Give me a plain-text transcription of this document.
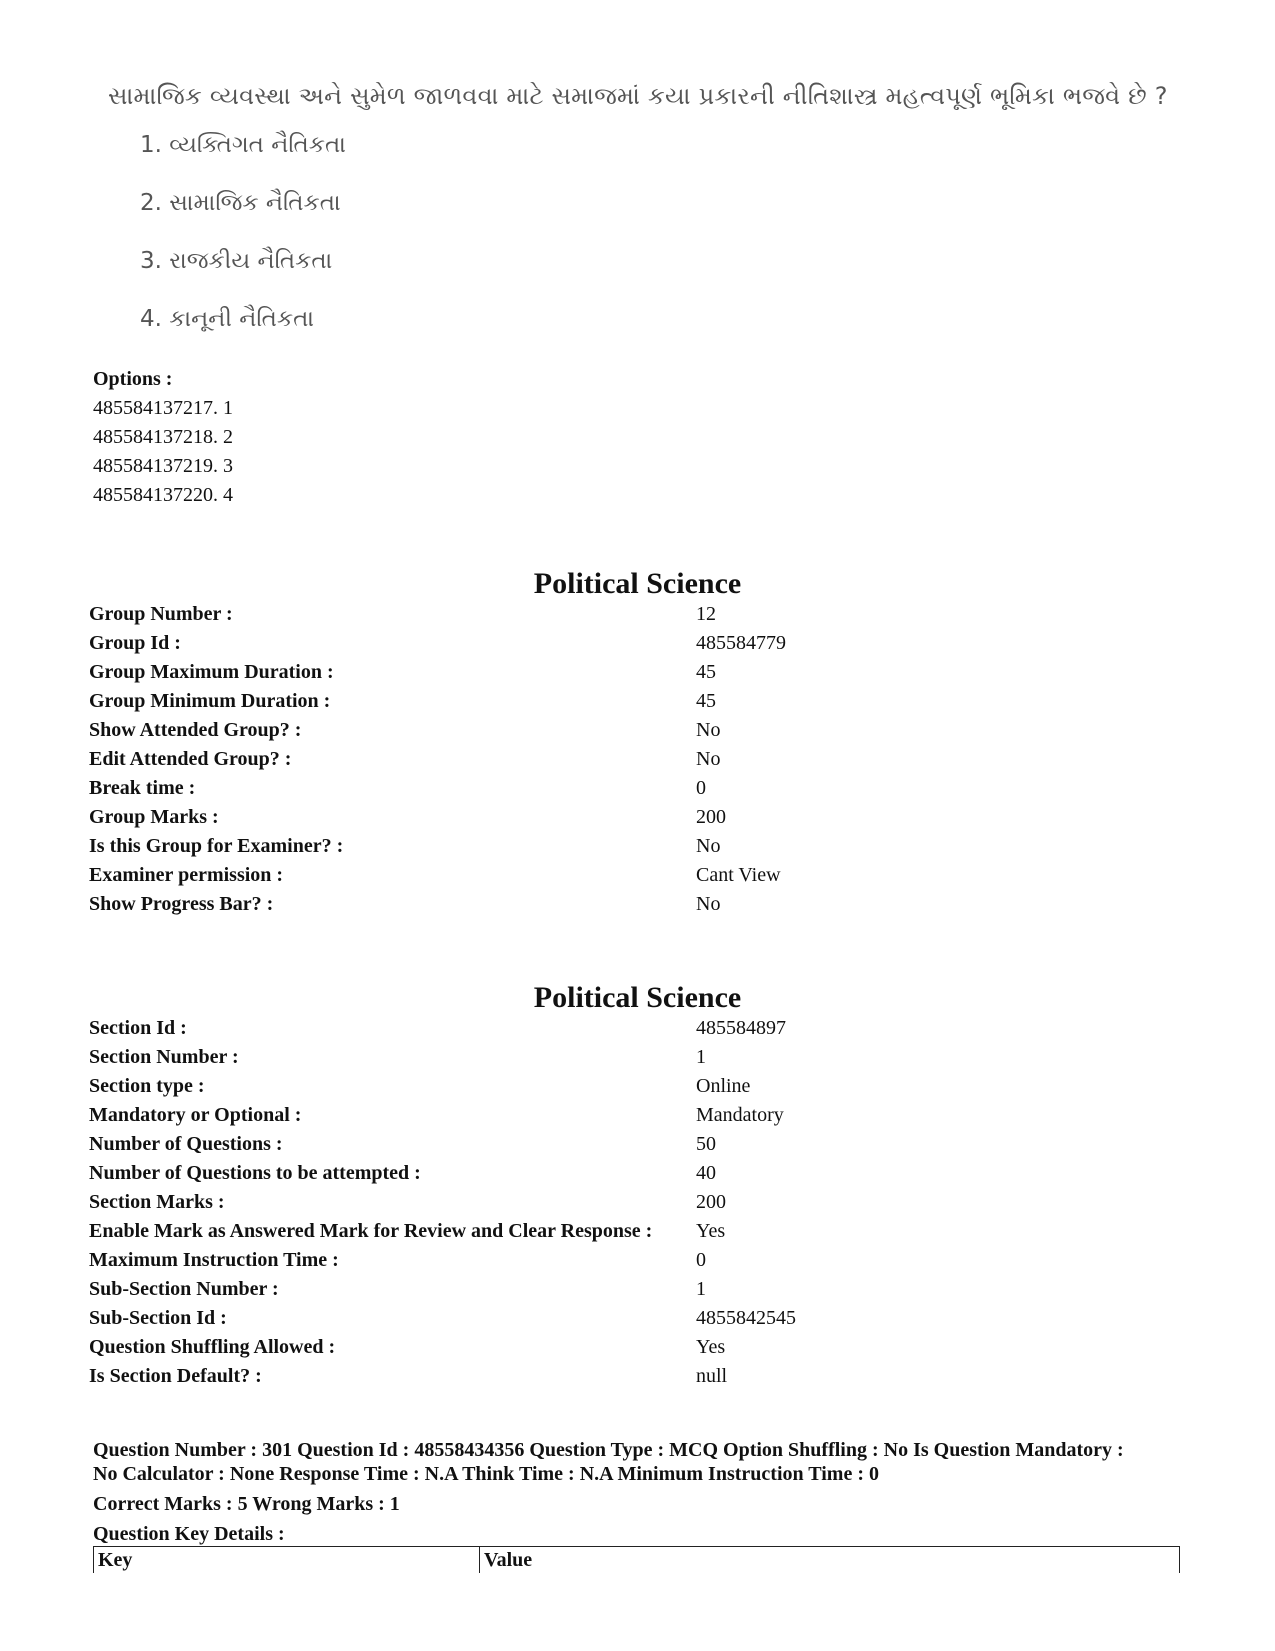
સામાજિક વ્યવસ્થા અને સુમેળ જાળવવા માટે સમાજમાં કયા પ્રકારની નીતિશાસ્ત્ર મહત્વપૂર્ણ ભૂમિકા ભજવે છે ?

1. વ્યક્તિગત નૈતિકતા

2. સામાજિક નૈતિકતા

3. રાજકીય નૈતિકતા

4. કાનૂની નૈતિકતા

Options :
485584137217. 1
485584137218. 2
485584137219. 3
485584137220. 4
Political Science
Group Number :	12
Group Id :	485584779
Group Maximum Duration :	45
Group Minimum Duration :	45
Show Attended Group? :	No
Edit Attended Group? :	No
Break time :	0
Group Marks :	200
Is this Group for Examiner? :	No
Examiner permission :	Cant View
Show Progress Bar? :	No
Political Science
Section Id :	485584897
Section Number :	1
Section type :	Online
Mandatory or Optional :	Mandatory
Number of Questions :	50
Number of Questions to be attempted :	40
Section Marks :	200
Enable Mark as Answered Mark for Review and Clear Response :	Yes
Maximum Instruction Time :	0
Sub-Section Number :	1
Sub-Section Id :	4855842545
Question Shuffling Allowed :	Yes
Is Section Default? :	null
Question Number : 301 Question Id : 48558434356 Question Type : MCQ Option Shuffling : No Is Question Mandatory :
No Calculator : None Response Time : N.A Think Time : N.A Minimum Instruction Time : 0
Correct Marks : 5 Wrong Marks : 1
Question Key Details :
Key	Value
